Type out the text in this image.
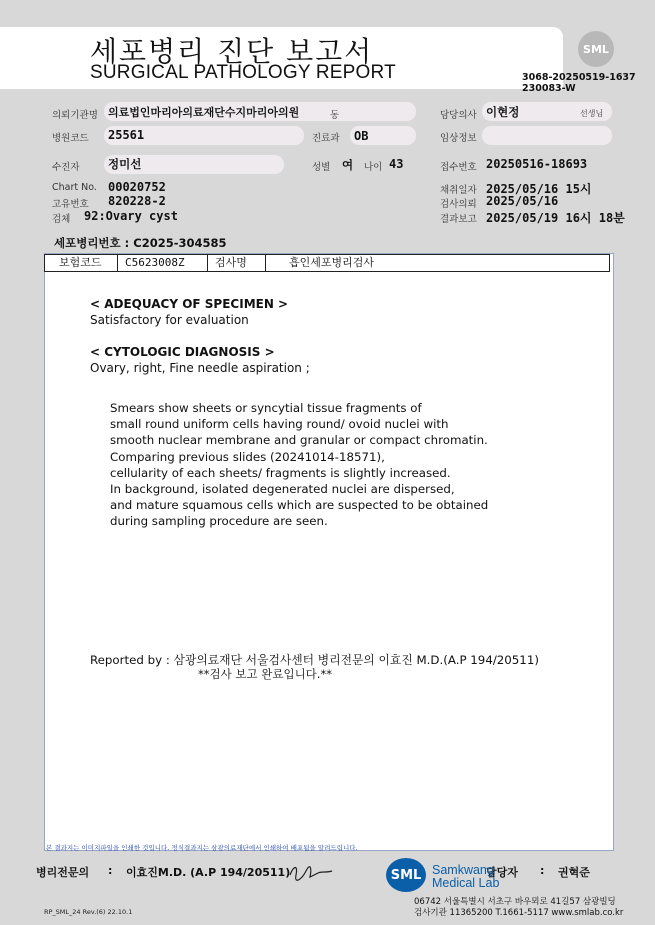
세포병리 진단 보고서
SURGICAL PATHOLOGY REPORT
SML
3068-20250519-1637
230083-W
의뢰기관명 의료법인마리아의료재단수지마리아의원	동	담당의사 이현정	선생님
병원코드 25561	진료과 OB	임상정보
수진자 정미선	성별 여 나이 43	접수번호 20250516-18693
Chart No. 00020752
고유번호 820228-2
검체 92:Ovary cyst
채취일자 2025/05/16 15시
검사의뢰 2025/05/16
결과보고 2025/05/19 16시 18분
세포병리번호 : C2025-304585
보험코드 C5623008Z	검사명	흡인세포병리검사
< ADEQUACY OF SPECIMEN >
Satisfactory for evaluation
< CYTOLOGIC DIAGNOSIS >
Ovary, right, Fine needle aspiration ;
Smears show sheets or syncytial tissue fragments of
small round uniform cells having round/ ovoid nuclei with
smooth nuclear membrane and granular or compact chromatin.
Comparing previous slides (20241014-18571),
cellularity of each sheets/ fragments is slightly increased.
In background, isolated degenerated nuclei are dispersed,
and mature squamous cells which are suspected to be obtained
during sampling procedure are seen.
Reported by : 삼광의료재단 서울검사센터 병리전문의 이효진 M.D.(A.P 194/20511)
**검사 보고 완료입니다.**
본 결과지는 이미지파일을 인쇄한 것입니다. 정식결과지는 삼광의료재단에서 인쇄하여 배포됨을 알려드립니다.
병리전문의 : 이효진M.D. (A.P 194/20511)	담당자 : 권혁준
SML Samkwang
Medical Lab
06742 서울특별시 서초구 바우뫼로 41길57 삼광빌딩
검사기관 11365200 T.1661-5117 www.smlab.co.kr
RP_SML_24 Rev.(6) 22.10.1
